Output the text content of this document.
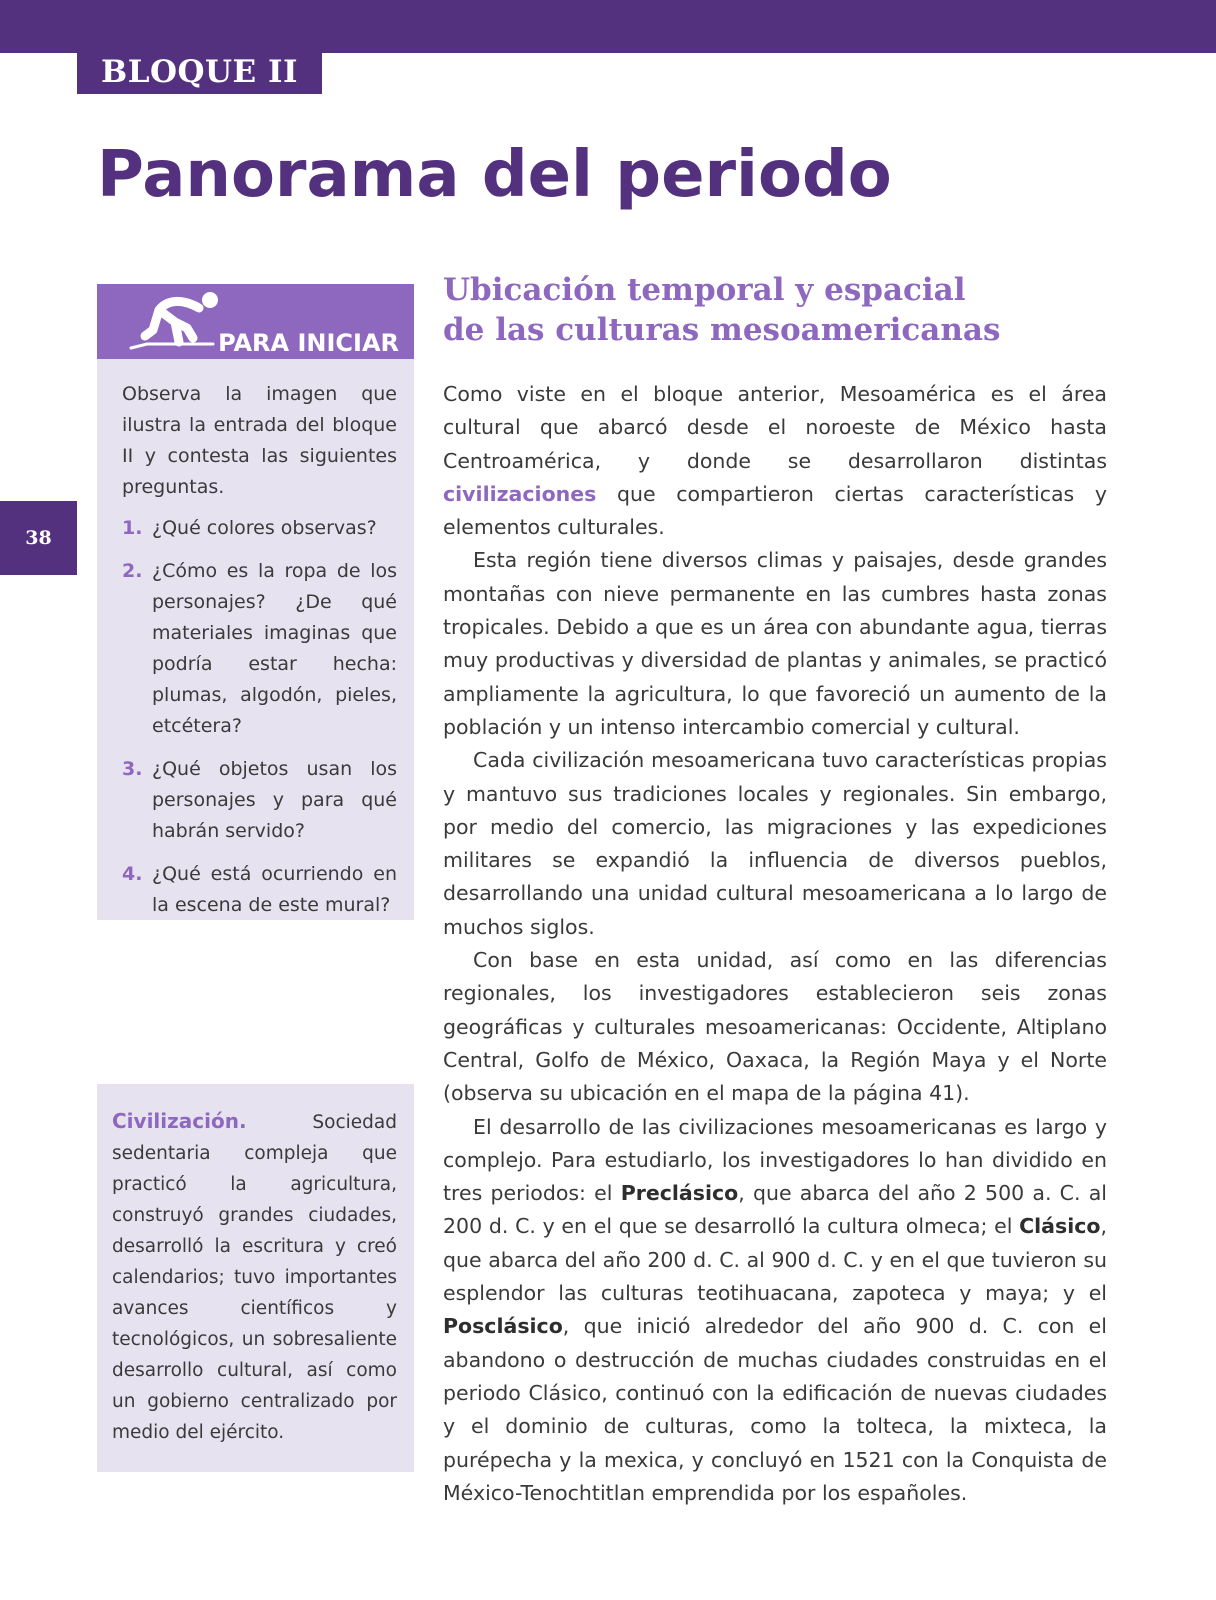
BLOQUE II
Panorama del periodo
38
PARA INICIAR

Observa la imagen que ilustra la entrada del bloque II y contesta las siguientes preguntas.

1. ¿Qué colores observas?
2. ¿Cómo es la ropa de los personajes? ¿De qué materiales imaginas que podría estar hecha: plumas, algodón, pieles, etcétera?
3. ¿Qué objetos usan los personajes y para qué habrán servido?
4. ¿Qué está ocurriendo en la escena de este mural?
Civilización.	Sociedad sedentaria compleja que practicó la agricultura, construyó grandes ciudades, desarrolló la escritura y creó calendarios; tuvo importantes avances científicos y tecnológicos, un sobresaliente desarrollo cultural, así como un gobierno centralizado por medio del ejército.
Ubicación temporal y espacial
de las culturas mesoamericanas

Como viste en el bloque anterior, Mesoamérica es el área cultural que abarcó desde el noroeste de México hasta Centroamérica, y donde se desarrollaron distintas civilizaciones que compartieron ciertas características y elementos culturales.

Esta región tiene diversos climas y paisajes, desde grandes montañas con nieve permanente en las cumbres hasta zonas tropicales. Debido a que es un área con abundante agua, tierras muy productivas y diversidad de plantas y animales, se practicó ampliamente la agricultura, lo que favoreció un aumento de la población y un intenso intercambio comercial y cultural.

Cada civilización mesoamericana tuvo características propias y mantuvo sus tradiciones locales y regionales. Sin embargo, por medio del comercio, las migraciones y las expediciones militares se expandió la influencia de diversos pueblos, desarrollando una unidad cultural mesoamericana a lo largo de muchos siglos.

Con base en esta unidad, así como en las diferencias regionales, los investigadores establecieron seis zonas geográficas y culturales mesoamericanas: Occidente, Altiplano Central, Golfo de México, Oaxaca, la Región Maya y el Norte (observa su ubicación en el mapa de la página 41).

El desarrollo de las civilizaciones mesoamericanas es largo y complejo. Para estudiarlo, los investigadores lo han dividido en tres periodos: el Preclásico, que abarca del año 2 500 a. C. al 200 d. C. y en el que se desarrolló la cultura olmeca; el Clásico, que abarca del año 200 d. C. al 900 d. C. y en el que tuvieron su esplendor las culturas teotihuacana, zapoteca y maya; y el Posclásico, que inició alrededor del año 900 d. C. con el abandono o destrucción de muchas ciudades construidas en el periodo Clásico, continuó con la edificación de nuevas ciudades y el dominio de culturas, como la tolteca, la mixteca, la purépecha y la mexica, y concluyó en 1521 con la Conquista de México-Tenochtitlan emprendida por los españoles.
